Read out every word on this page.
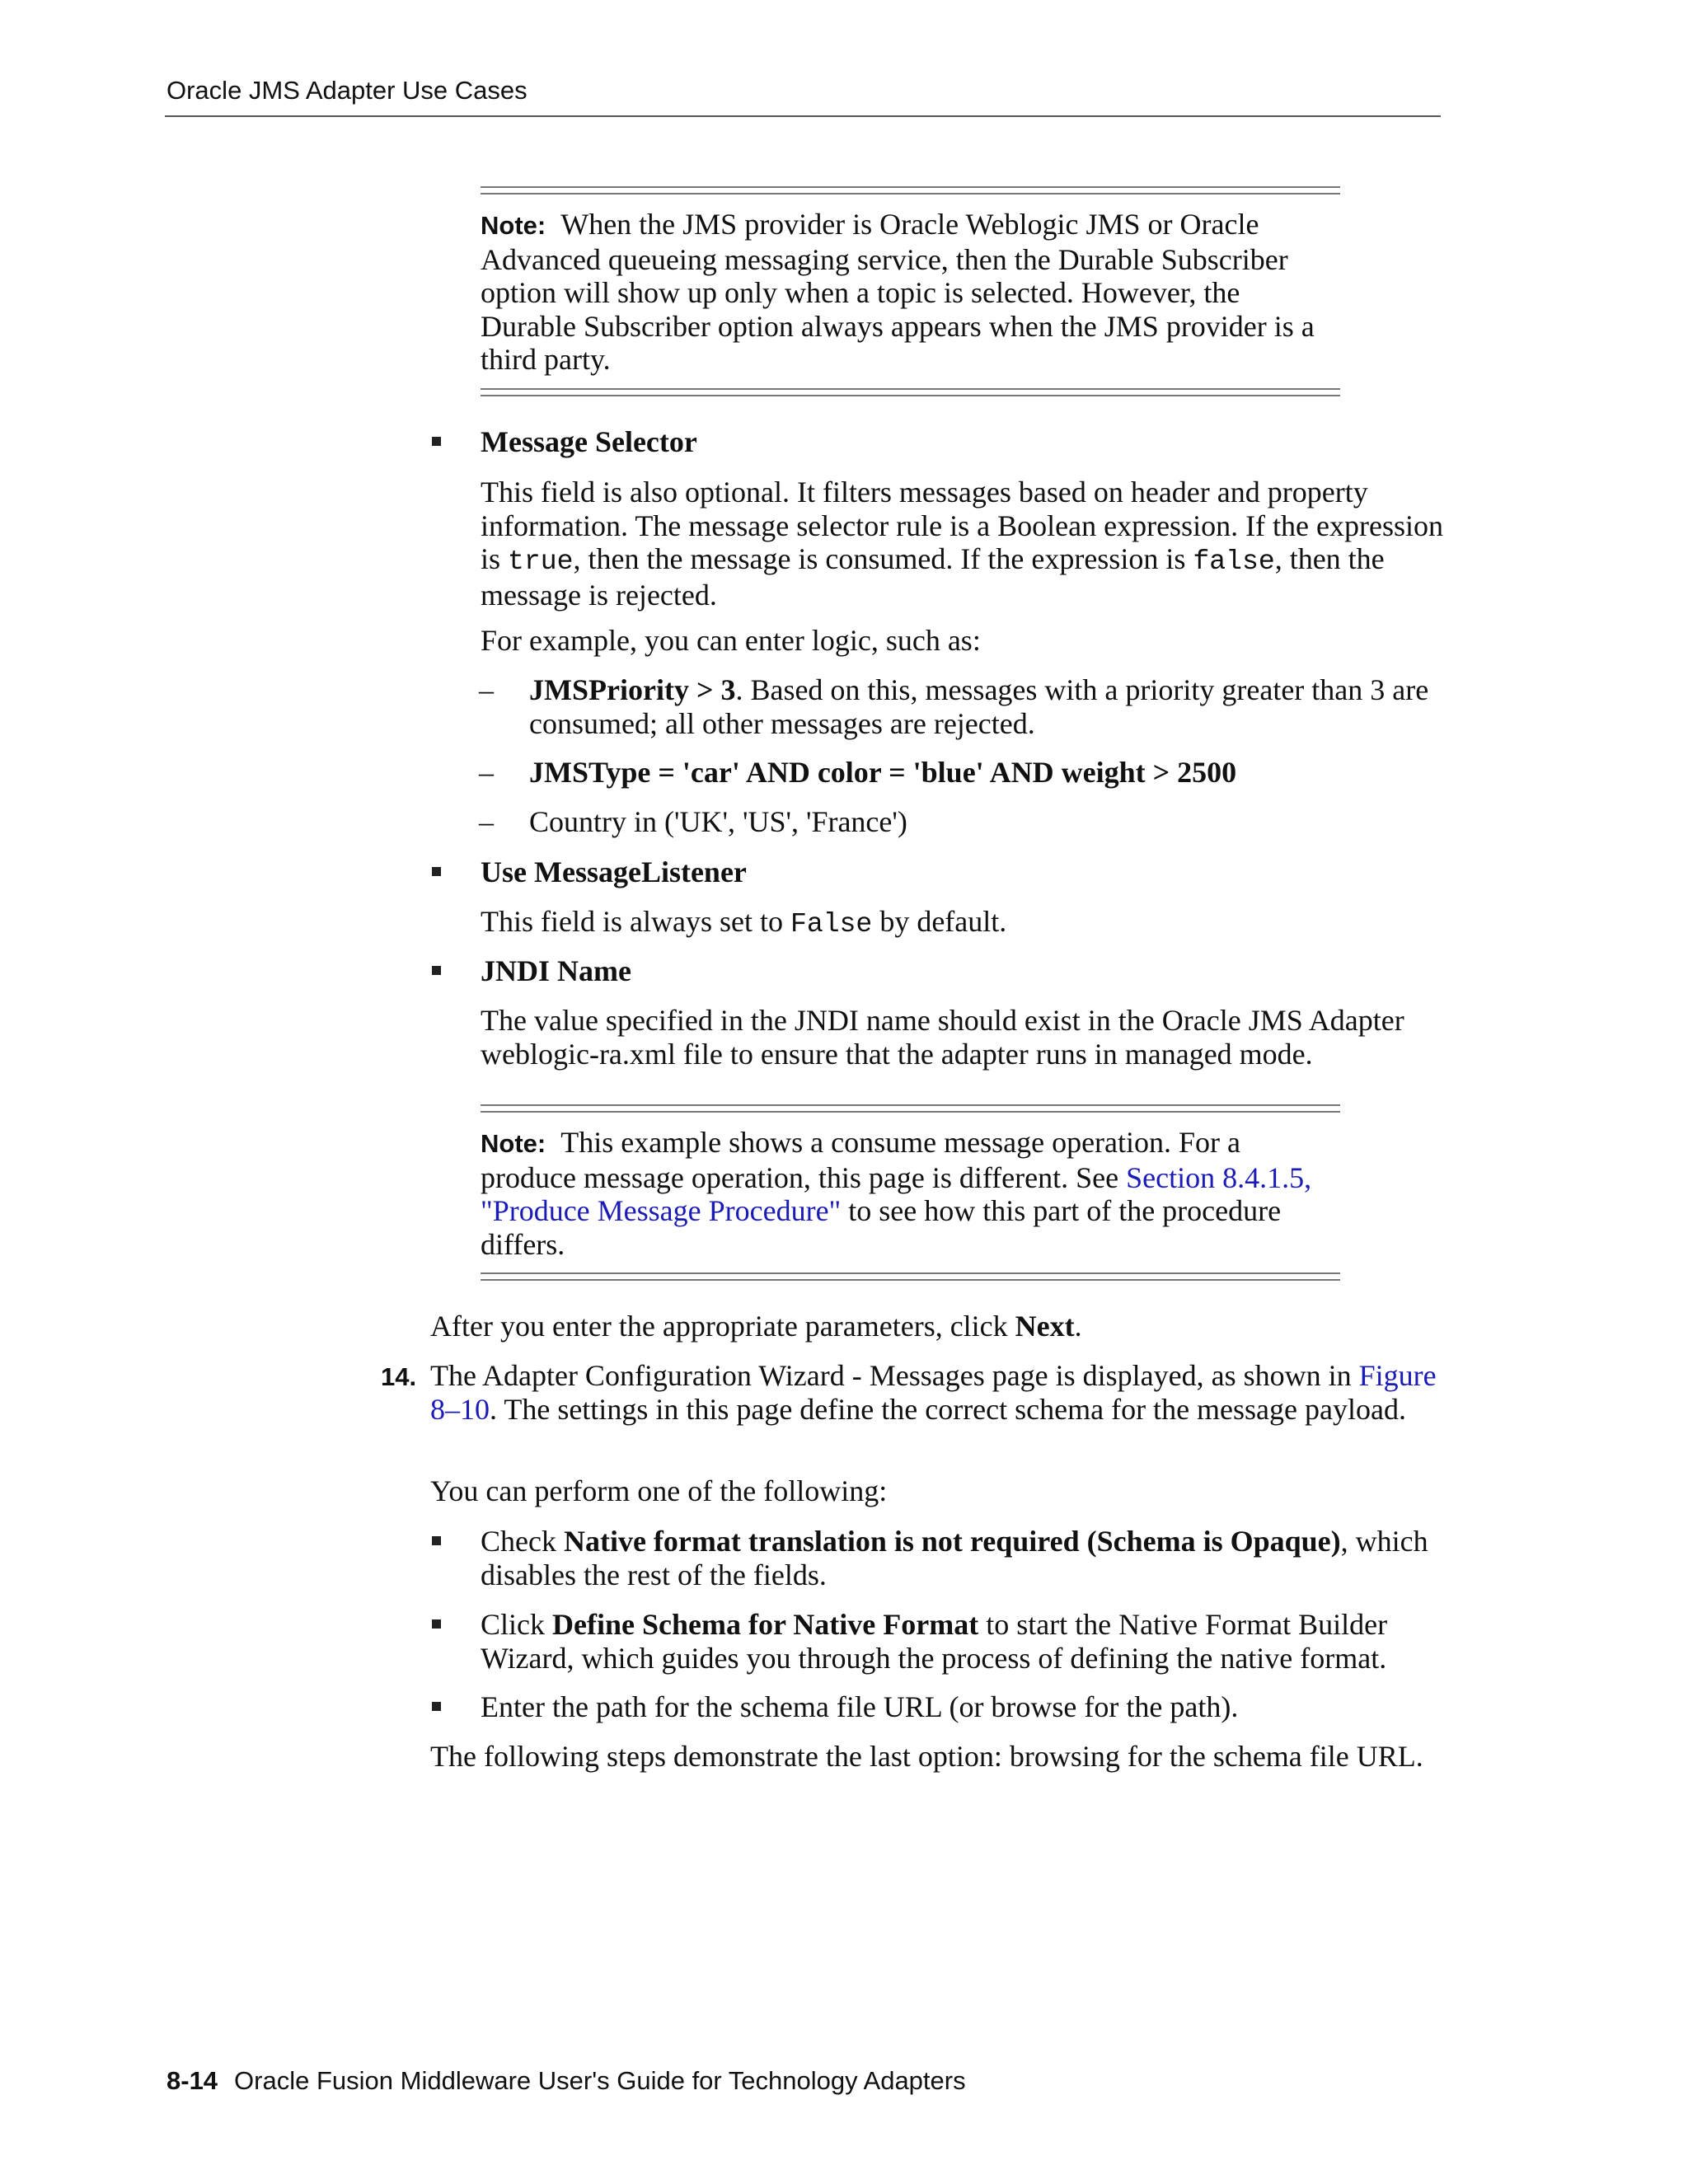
Oracle JMS Adapter Use Cases
Note: When the JMS provider is Oracle Weblogic JMS or Oracle Advanced queueing messaging service, then the Durable Subscriber option will show up only when a topic is selected. However, the Durable Subscriber option always appears when the JMS provider is a third party.
Message Selector
This field is also optional. It filters messages based on header and property information. The message selector rule is a Boolean expression. If the expression is true, then the message is consumed. If the expression is false, then the message is rejected.
For example, you can enter logic, such as:
– JMSPriority > 3. Based on this, messages with a priority greater than 3 are consumed; all other messages are rejected.
– JMSType = 'car' AND color = 'blue' AND weight > 2500
– Country in ('UK', 'US', 'France')
Use MessageListener
This field is always set to False by default.
JNDI Name
The value specified in the JNDI name should exist in the Oracle JMS Adapter weblogic-ra.xml file to ensure that the adapter runs in managed mode.
Note: This example shows a consume message operation. For a produce message operation, this page is different. See Section 8.4.1.5, "Produce Message Procedure" to see how this part of the procedure differs.
After you enter the appropriate parameters, click Next.
14. The Adapter Configuration Wizard - Messages page is displayed, as shown in Figure 8–10. The settings in this page define the correct schema for the message payload.
You can perform one of the following:
Check Native format translation is not required (Schema is Opaque), which disables the rest of the fields.
Click Define Schema for Native Format to start the Native Format Builder Wizard, which guides you through the process of defining the native format.
Enter the path for the schema file URL (or browse for the path).
The following steps demonstrate the last option: browsing for the schema file URL.
8-14 Oracle Fusion Middleware User's Guide for Technology Adapters
